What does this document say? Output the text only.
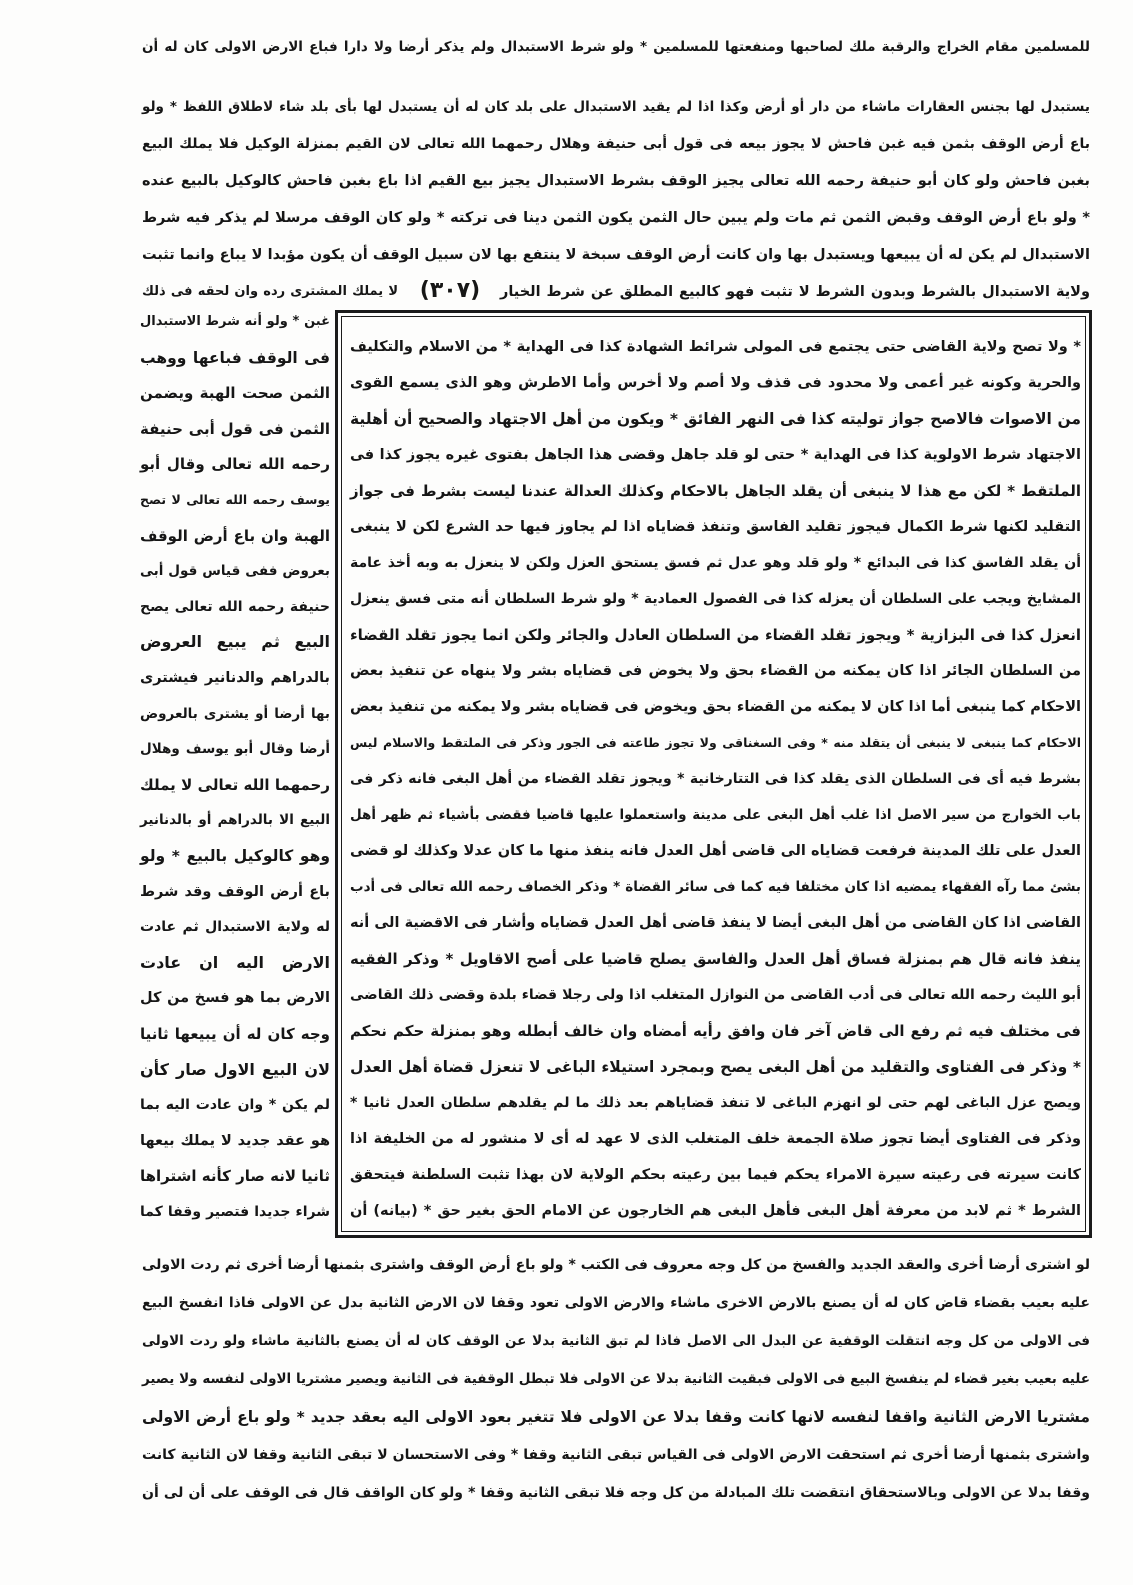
للمسلمين مقام الخراج والرقبة ملك لصاحبها ومنفعتها للمسلمين * ولو شرط الاستبدال ولم يذكر أرضا ولا دارا فباع الارض الاولى كان له أن
يستبدل لها بجنس العقارات ماشاء من دار أو أرض وكذا اذا لم يقيد الاستبدال على بلد كان له أن يستبدل لها بأى بلد شاء لاطلاق اللفظ * ولو
باع أرض الوقف بثمن فيه غبن فاحش لا يجوز بيعه فى قول أبى حنيفة وهلال رحمهما الله تعالى لان القيم بمنزلة الوكيل فلا يملك البيع
بغبن فاحش ولو كان أبو حنيفة رحمه الله تعالى يجيز الوقف بشرط الاستبدال يجيز بيع القيم اذا باع بغبن فاحش كالوكيل بالبيع عنده
* ولو باع أرض الوقف وقبض الثمن ثم مات ولم يبين حال الثمن يكون الثمن دينا فى تركته * ولو كان الوقف مرسلا لم يذكر فيه شرط
الاستبدال لم يكن له أن يبيعها ويستبدل بها وان كانت أرض الوقف سبخة لا ينتفع بها لان سبيل الوقف أن يكون مؤبدا لا يباع وانما تثبت
ولاية الاستبدال بالشرط وبدون الشرط لا تثبت فهو كالبيع المطلق عن شرط الخيار
(٣٠٧)
لا يملك المشترى رده وان لحقه فى ذلك
غبن * ولو أنه شرط الاستبدال
فى الوقف فباعها ووهب
الثمن صحت الهبة ويضمن
الثمن فى قول أبى حنيفة
رحمه الله تعالى وقال أبو
يوسف رحمه الله تعالى لا تصح
الهبة وان باع أرض الوقف
بعروض ففى قياس قول أبى
حنيفة رحمه الله تعالى يصح
البيع ثم يبيع العروض
بالدراهم والدنانير فيشترى
بها أرضا أو يشترى بالعروض
أرضا وقال أبو يوسف وهلال
رحمهما الله تعالى لا يملك
البيع الا بالدراهم أو بالدنانير
وهو كالوكيل بالبيع * ولو
باع أرض الوقف وقد شرط
له ولاية الاستبدال ثم عادت
الارض اليه ان عادت
الارض بما هو فسخ من كل
وجه كان له أن يبيعها ثانيا
لان البيع الاول صار كأن
لم يكن * وان عادت اليه بما
هو عقد جديد لا يملك بيعها
ثانيا لانه صار كأنه اشتراها
شراء جديدا فتصير وقفا كما
* ولا تصح ولاية القاضى حتى يجتمع فى المولى شرائط الشهادة كذا فى الهداية * من الاسلام والتكليف
والحرية وكونه غير أعمى ولا محدود فى قذف ولا أصم ولا أخرس وأما الاطرش وهو الذى يسمع القوى
من الاصوات فالاصح جواز توليته كذا فى النهر الفائق * ويكون من أهل الاجتهاد والصحيح أن أهلية
الاجتهاد شرط الاولوية كذا فى الهداية * حتى لو قلد جاهل وقضى هذا الجاهل بفتوى غيره يجوز كذا فى
الملتقط * لكن مع هذا لا ينبغى أن يقلد الجاهل بالاحكام وكذلك العدالة عندنا ليست بشرط فى جواز
التقليد لكنها شرط الكمال فيجوز تقليد الفاسق وتنفذ قضاياه اذا لم يجاوز فيها حد الشرع لكن لا ينبغى
أن يقلد الفاسق كذا فى البدائع * ولو قلد وهو عدل ثم فسق يستحق العزل ولكن لا ينعزل به وبه أخذ عامة
المشايخ ويجب على السلطان أن يعزله كذا فى الفصول العمادية * ولو شرط السلطان أنه متى فسق ينعزل
انعزل كذا فى البزازية * ويجوز تقلد القضاء من السلطان العادل والجائر ولكن انما يجوز تقلد القضاء
من السلطان الجائر اذا كان يمكنه من القضاء بحق ولا يخوض فى قضاياه بشر ولا ينهاه عن تنفيذ بعض
الاحكام كما ينبغى أما اذا كان لا يمكنه من القضاء بحق ويخوض فى قضاياه بشر ولا يمكنه من تنفيذ بعض
الاحكام كما ينبغى لا ينبغى أن يتقلد منه * وفى السغناقى ولا تجوز طاعته فى الجور وذكر فى الملتقط والاسلام ليس
بشرط فيه أى فى السلطان الذى يقلد كذا فى التتارخانية * ويجوز تقلد القضاء من أهل البغى فانه ذكر فى
باب الخوارج من سير الاصل اذا غلب أهل البغى على مدينة واستعملوا عليها قاضيا فقضى بأشياء ثم ظهر أهل
العدل على تلك المدينة فرفعت قضاياه الى قاضى أهل العدل فانه ينفذ منها ما كان عدلا وكذلك لو قضى
بشئ مما رآه الفقهاء يمضيه اذا كان مختلفا فيه كما فى سائر القضاة * وذكر الخصاف رحمه الله تعالى فى أدب
القاضى اذا كان القاضى من أهل البغى أيضا لا ينفذ قاضى أهل العدل قضاياه وأشار فى الاقضية الى أنه
ينفذ فانه قال هم بمنزلة فساق أهل العدل والفاسق يصلح قاضيا على أصح الاقاويل * وذكر الفقيه
أبو الليث رحمه الله تعالى فى أدب القاضى من النوازل المتغلب اذا ولى رجلا قضاء بلدة وقضى ذلك القاضى
فى مختلف فيه ثم رفع الى قاض آخر فان وافق رأيه أمضاه وان خالف أبطله وهو بمنزلة حكم نحكم
* وذكر فى الفتاوى والتقليد من أهل البغى يصح وبمجرد استيلاء الباغى لا تنعزل قضاة أهل العدل
ويصح عزل الباغى لهم حتى لو انهزم الباغى لا تنفذ قضاياهم بعد ذلك ما لم يقلدهم سلطان العدل ثانيا *
وذكر فى الفتاوى أيضا تجوز صلاة الجمعة خلف المتغلب الذى لا عهد له أى لا منشور له من الخليفة اذا
كانت سيرته فى رعيته سيرة الامراء يحكم فيما بين رعيته بحكم الولاية لان بهذا تثبت السلطنة فيتحقق
الشرط * ثم لابد من معرفة أهل البغى فأهل البغى هم الخارجون عن الامام الحق بغير حق * (بيانه) أن
لو اشترى أرضا أخرى والعقد الجديد والفسخ من كل وجه معروف فى الكتب * ولو باع أرض الوقف واشترى بثمنها أرضا أخرى ثم ردت الاولى
عليه بعيب بقضاء قاض كان له أن يصنع بالارض الاخرى ماشاء والارض الاولى تعود وقفا لان الارض الثانية بدل عن الاولى فاذا انفسخ البيع
فى الاولى من كل وجه انتقلت الوقفية عن البدل الى الاصل فاذا لم تبق الثانية بدلا عن الوقف كان له أن يصنع بالثانية ماشاء ولو ردت الاولى
عليه بعيب بغير قضاء لم ينفسخ البيع فى الاولى فبقيت الثانية بدلا عن الاولى فلا تبطل الوقفية فى الثانية ويصير مشتريا الاولى لنفسه ولا يصير
مشتريا الارض الثانية واقفا لنفسه لانها كانت وقفا بدلا عن الاولى فلا تتغير بعود الاولى اليه بعقد جديد * ولو باع أرض الاولى
واشترى بثمنها أرضا أخرى ثم استحقت الارض الاولى فى القياس تبقى الثانية وقفا * وفى الاستحسان لا تبقى الثانية وقفا لان الثانية كانت
وقفا بدلا عن الاولى وبالاستحقاق انتقضت تلك المبادلة من كل وجه فلا تبقى الثانية وقفا * ولو كان الواقف قال فى الوقف على أن لى أن
